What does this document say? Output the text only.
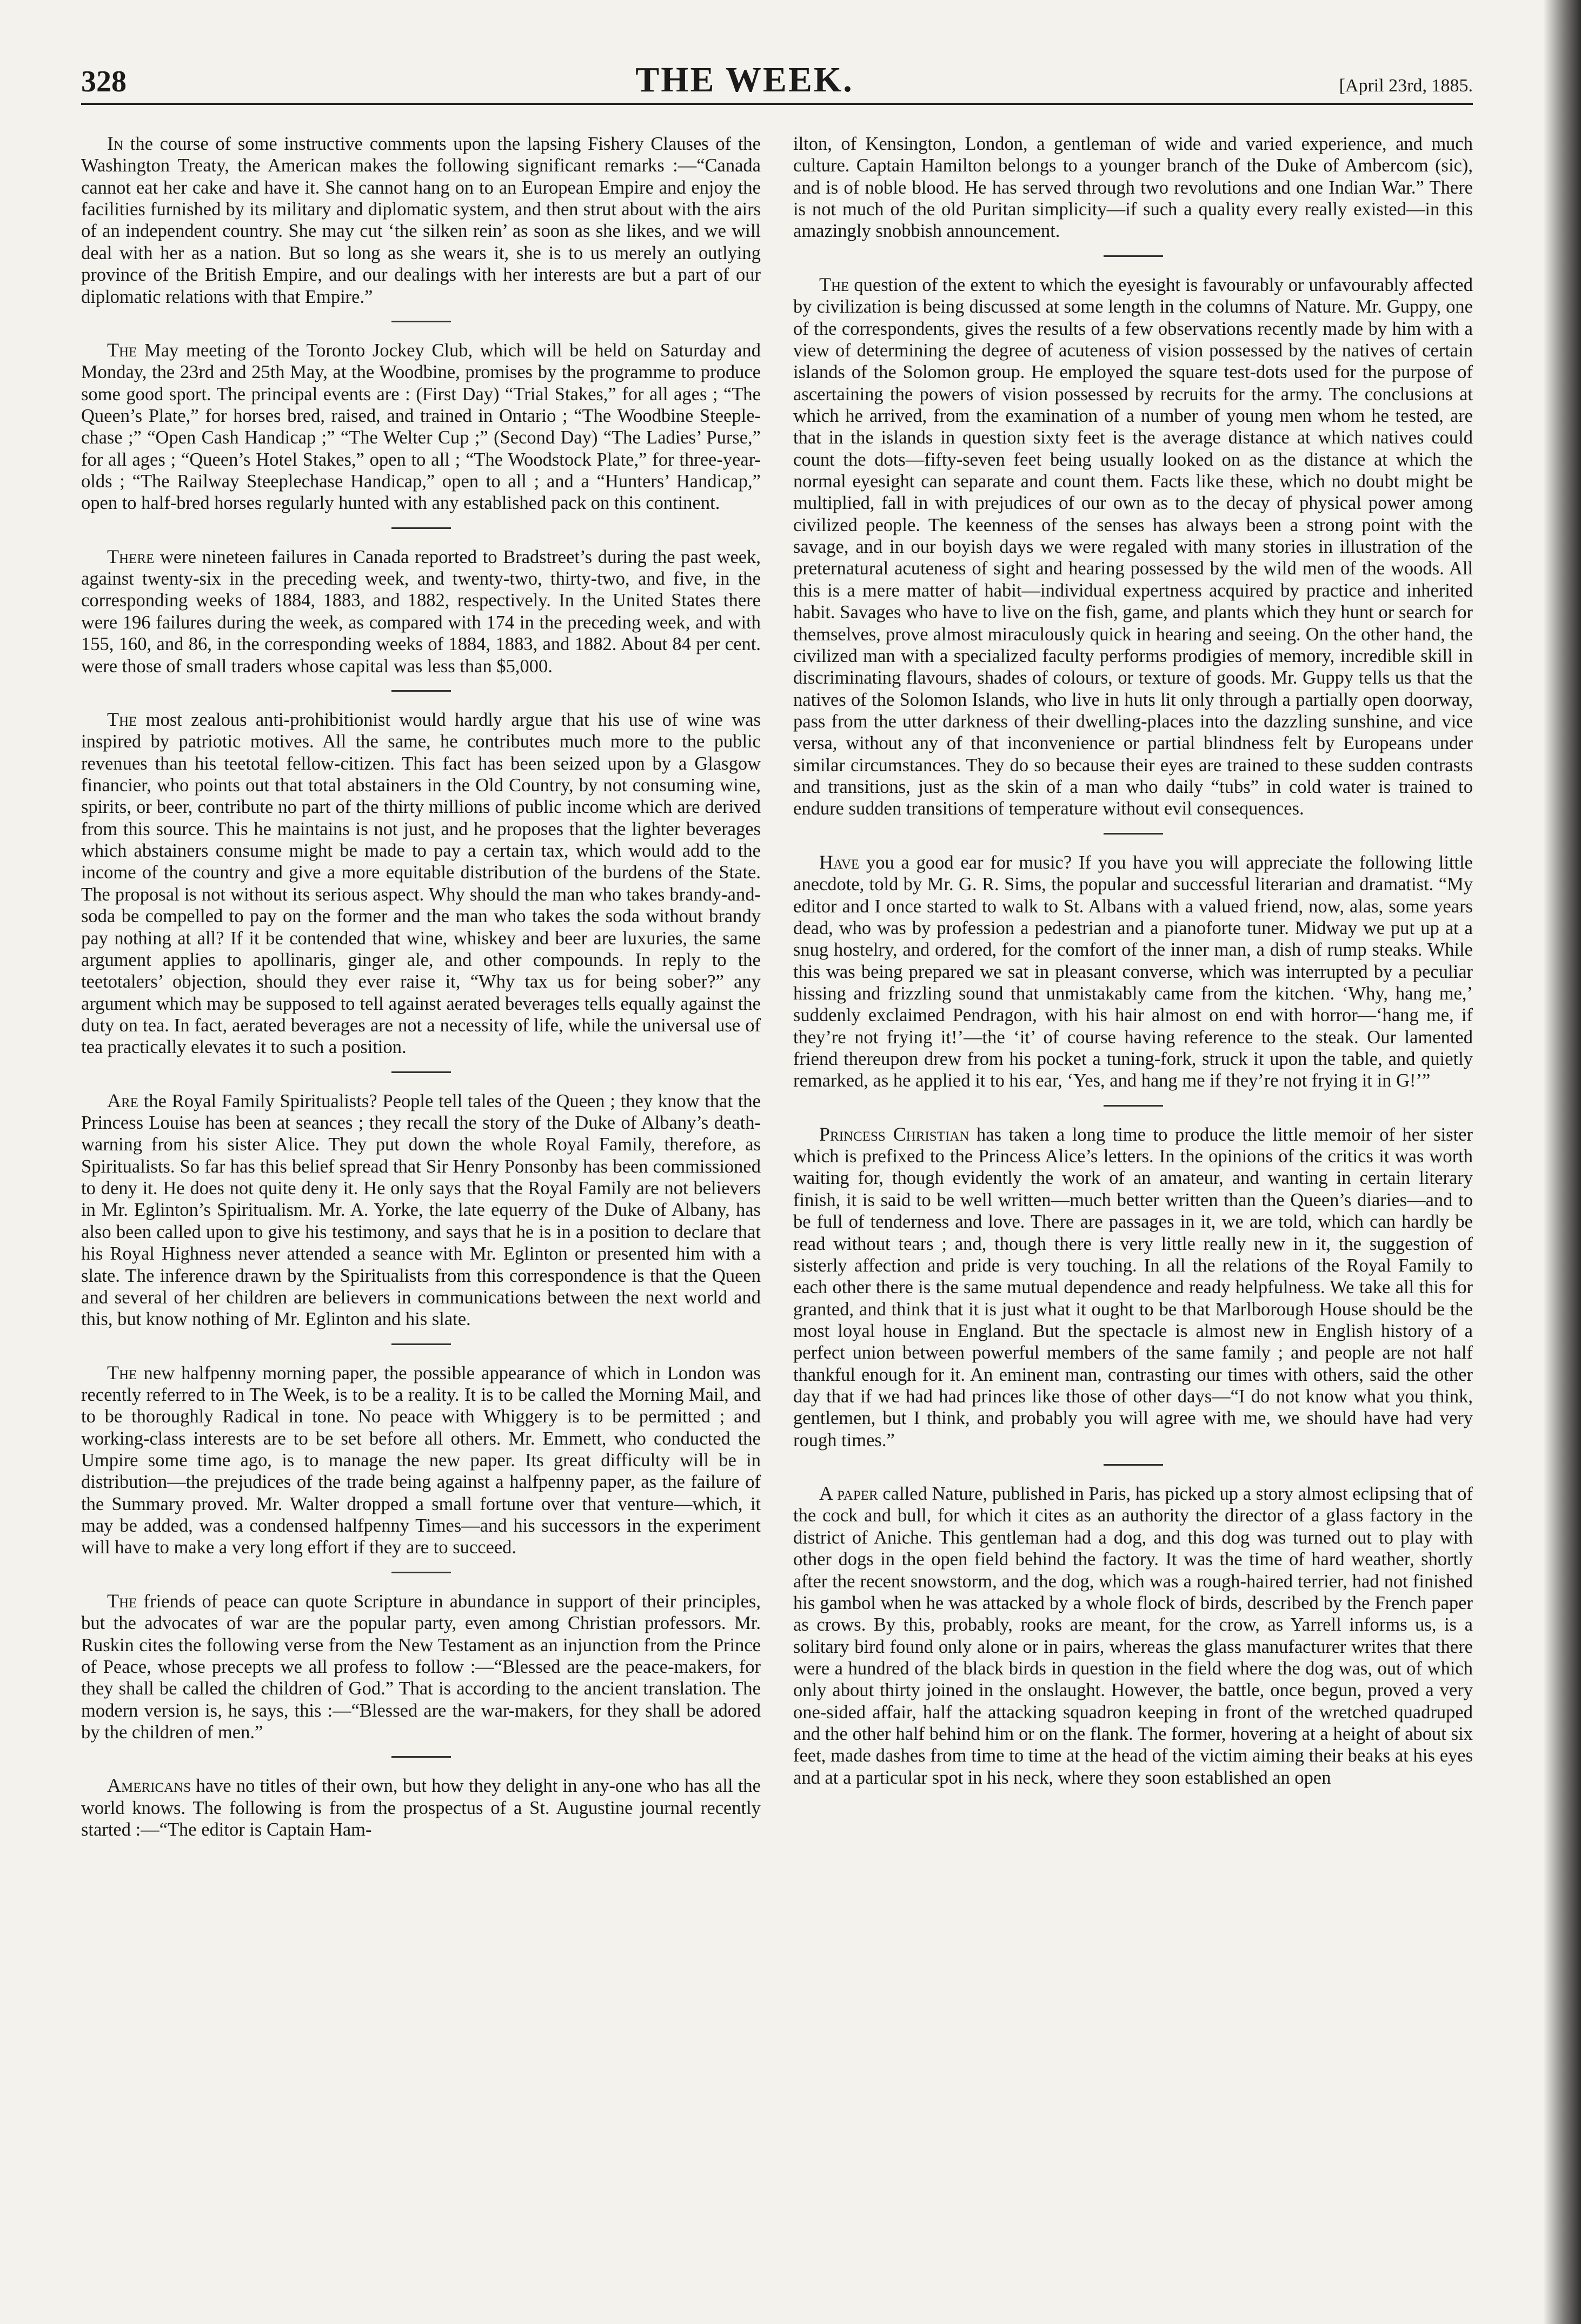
328	THE WEEK.	[April 23rd, 1885.

In the course of some instructive comments upon the lapsing Fishery Clauses of the Washington Treaty, the American makes the following significant remarks :—“Canada cannot eat her cake and have it. She cannot hang on to an European Empire and enjoy the facilities furnished by its military and diplomatic system, and then strut about with the airs of an independent country. She may cut ‘the silken rein’ as soon as she likes, and we will deal with her as a nation. But so long as she wears it, she is to us merely an outlying province of the British Empire, and our dealings with her interests are but a part of our diplomatic relations with that Empire.”

The May meeting of the Toronto Jockey Club, which will be held on Saturday and Monday, the 23rd and 25th May, at the Woodbine, promises by the programme to produce some good sport. The principal events are : (First Day) “Trial Stakes,” for all ages ; “The Queen’s Plate,” for horses bred, raised, and trained in Ontario ; “The Woodbine Steeple-chase ;” “Open Cash Handicap ;” “The Welter Cup ;” (Second Day) “The Ladies’ Purse,” for all ages ; “Queen’s Hotel Stakes,” open to all ; “The Woodstock Plate,” for three-year-olds ; “The Railway Steeplechase Handicap,” open to all ; and a “Hunters’ Handicap,” open to half-bred horses regularly hunted with any established pack on this continent.

There were nineteen failures in Canada reported to Bradstreet’s during the past week, against twenty-six in the preceding week, and twenty-two, thirty-two, and five, in the corresponding weeks of 1884, 1883, and 1882, respectively. In the United States there were 196 failures during the week, as compared with 174 in the preceding week, and with 155, 160, and 86, in the corresponding weeks of 1884, 1883, and 1882. About 84 per cent. were those of small traders whose capital was less than $5,000.

The most zealous anti-prohibitionist would hardly argue that his use of wine was inspired by patriotic motives. All the same, he contributes much more to the public revenues than his teetotal fellow-citizen. This fact has been seized upon by a Glasgow financier, who points out that total abstainers in the Old Country, by not consuming wine, spirits, or beer, contribute no part of the thirty millions of public income which are derived from this source. This he maintains is not just, and he proposes that the lighter beverages which abstainers consume might be made to pay a certain tax, which would add to the income of the country and give a more equitable distribution of the burdens of the State. The proposal is not without its serious aspect. Why should the man who takes brandy-and-soda be compelled to pay on the former and the man who takes the soda without brandy pay nothing at all? If it be contended that wine, whiskey and beer are luxuries, the same argument applies to apollinaris, ginger ale, and other compounds. In reply to the teetotalers’ objection, should they ever raise it, “Why tax us for being sober?” any argument which may be supposed to tell against aerated beverages tells equally against the duty on tea. In fact, aerated beverages are not a necessity of life, while the universal use of tea practically elevates it to such a position.

Are the Royal Family Spiritualists? People tell tales of the Queen ; they know that the Princess Louise has been at seances ; they recall the story of the Duke of Albany’s death-warning from his sister Alice. They put down the whole Royal Family, therefore, as Spiritualists. So far has this belief spread that Sir Henry Ponsonby has been commissioned to deny it. He does not quite deny it. He only says that the Royal Family are not believers in Mr. Eglinton’s Spiritualism. Mr. A. Yorke, the late equerry of the Duke of Albany, has also been called upon to give his testimony, and says that he is in a position to declare that his Royal Highness never attended a seance with Mr. Eglinton or presented him with a slate. The inference drawn by the Spiritualists from this correspondence is that the Queen and several of her children are believers in communications between the next world and this, but know nothing of Mr. Eglinton and his slate.

The new halfpenny morning paper, the possible appearance of which in London was recently referred to in The Week, is to be a reality. It is to be called the Morning Mail, and to be thoroughly Radical in tone. No peace with Whiggery is to be permitted ; and working-class interests are to be set before all others. Mr. Emmett, who conducted the Umpire some time ago, is to manage the new paper. Its great difficulty will be in distribution—the prejudices of the trade being against a halfpenny paper, as the failure of the Summary proved. Mr. Walter dropped a small fortune over that venture—which, it may be added, was a condensed halfpenny Times—and his successors in the experiment will have to make a very long effort if they are to succeed.

The friends of peace can quote Scripture in abundance in support of their principles, but the advocates of war are the popular party, even among Christian professors. Mr. Ruskin cites the following verse from the New Testament as an injunction from the Prince of Peace, whose precepts we all profess to follow :—“Blessed are the peace-makers, for they shall be called the children of God.” That is according to the ancient translation. The modern version is, he says, this :—“Blessed are the war-makers, for they shall be adored by the children of men.”

Americans have no titles of their own, but how they delight in any-one who has all the world knows. The following is from the prospectus of a St. Augustine journal recently started :—“The editor is Captain Ham-

ilton, of Kensington, London, a gentleman of wide and varied experience, and much culture. Captain Hamilton belongs to a younger branch of the Duke of Ambercom (sic), and is of noble blood. He has served through two revolutions and one Indian War.” There is not much of the old Puritan simplicity—if such a quality every really existed—in this amazingly snobbish announcement.

The question of the extent to which the eyesight is favourably or unfavourably affected by civilization is being discussed at some length in the columns of Nature. Mr. Guppy, one of the correspondents, gives the results of a few observations recently made by him with a view of determining the degree of acuteness of vision possessed by the natives of certain islands of the Solomon group. He employed the square test-dots used for the purpose of ascertaining the powers of vision possessed by recruits for the army. The conclusions at which he arrived, from the examination of a number of young men whom he tested, are that in the islands in question sixty feet is the average distance at which natives could count the dots—fifty-seven feet being usually looked on as the distance at which the normal eyesight can separate and count them. Facts like these, which no doubt might be multiplied, fall in with prejudices of our own as to the decay of physical power among civilized people. The keenness of the senses has always been a strong point with the savage, and in our boyish days we were regaled with many stories in illustration of the preternatural acuteness of sight and hearing possessed by the wild men of the woods. All this is a mere matter of habit—individual expertness acquired by practice and inherited habit. Savages who have to live on the fish, game, and plants which they hunt or search for themselves, prove almost miraculously quick in hearing and seeing. On the other hand, the civilized man with a specialized faculty performs prodigies of memory, incredible skill in discriminating flavours, shades of colours, or texture of goods. Mr. Guppy tells us that the natives of the Solomon Islands, who live in huts lit only through a partially open doorway, pass from the utter darkness of their dwelling-places into the dazzling sunshine, and vice versa, without any of that inconvenience or partial blindness felt by Europeans under similar circumstances. They do so because their eyes are trained to these sudden contrasts and transitions, just as the skin of a man who daily “tubs” in cold water is trained to endure sudden transitions of temperature without evil consequences.

Have you a good ear for music? If you have you will appreciate the following little anecdote, told by Mr. G. R. Sims, the popular and successful literarian and dramatist. “My editor and I once started to walk to St. Albans with a valued friend, now, alas, some years dead, who was by profession a pedestrian and a pianoforte tuner. Midway we put up at a snug hostelry, and ordered, for the comfort of the inner man, a dish of rump steaks. While this was being prepared we sat in pleasant converse, which was interrupted by a peculiar hissing and frizzling sound that unmistakably came from the kitchen. ‘Why, hang me,’ suddenly exclaimed Pendragon, with his hair almost on end with horror—‘hang me, if they’re not frying it!’—the ‘it’ of course having reference to the steak. Our lamented friend thereupon drew from his pocket a tuning-fork, struck it upon the table, and quietly remarked, as he applied it to his ear, ‘Yes, and hang me if they’re not frying it in G!’”

Princess Christian has taken a long time to produce the little memoir of her sister which is prefixed to the Princess Alice’s letters. In the opinions of the critics it was worth waiting for, though evidently the work of an amateur, and wanting in certain literary finish, it is said to be well written—much better written than the Queen’s diaries—and to be full of tenderness and love. There are passages in it, we are told, which can hardly be read without tears ; and, though there is very little really new in it, the suggestion of sisterly affection and pride is very touching. In all the relations of the Royal Family to each other there is the same mutual dependence and ready helpfulness. We take all this for granted, and think that it is just what it ought to be that Marlborough House should be the most loyal house in England. But the spectacle is almost new in English history of a perfect union between powerful members of the same family ; and people are not half thankful enough for it. An eminent man, contrasting our times with others, said the other day that if we had had princes like those of other days—“I do not know what you think, gentlemen, but I think, and probably you will agree with me, we should have had very rough times.”

A paper called Nature, published in Paris, has picked up a story almost eclipsing that of the cock and bull, for which it cites as an authority the director of a glass factory in the district of Aniche. This gentleman had a dog, and this dog was turned out to play with other dogs in the open field behind the factory. It was the time of hard weather, shortly after the recent snowstorm, and the dog, which was a rough-haired terrier, had not finished his gambol when he was attacked by a whole flock of birds, described by the French paper as crows. By this, probably, rooks are meant, for the crow, as Yarrell informs us, is a solitary bird found only alone or in pairs, whereas the glass manufacturer writes that there were a hundred of the black birds in question in the field where the dog was, out of which only about thirty joined in the onslaught. However, the battle, once begun, proved a very one-sided affair, half the attacking squadron keeping in front of the wretched quadruped and the other half behind him or on the flank. The former, hovering at a height of about six feet, made dashes from time to time at the head of the victim aiming their beaks at his eyes and at a particular spot in his neck, where they soon established an open
